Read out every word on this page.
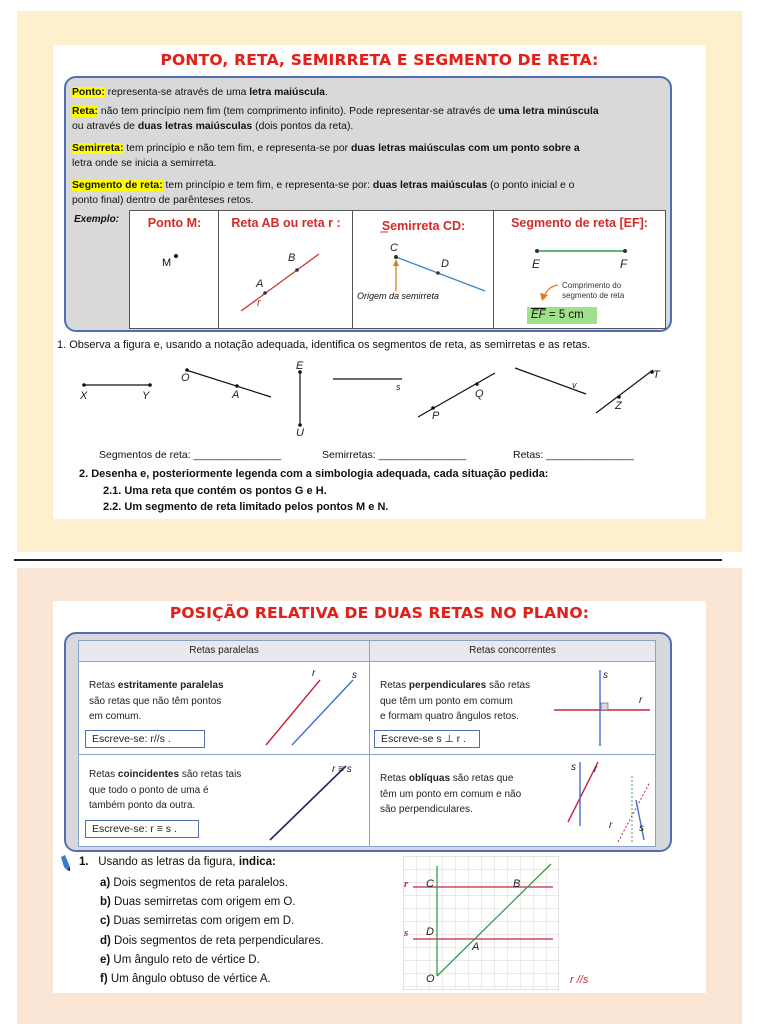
PONTO, RETA, SEMIRRETA E SEGMENTO DE RETA:
Ponto: representa-se através de uma letra maiúscula.
Reta: não tem princípio nem fim (tem comprimento infinito). Pode representar-se através de uma letra minúscula
ou através de duas letras maiúsculas (dois pontos da reta).
Semirreta: tem princípio e não tem fim, e representa-se por duas letras maiúsculas com um ponto sobre a
letra onde se inicia a semirreta.
Segmento de reta: tem princípio e tem fim, e representa-se por: duas letras maiúsculas (o ponto inicial e o
ponto final) dentro de parênteses retos.
Exemplo:	Ponto M:
M
Reta AB ou reta r :
B
A
r
Semirreta CD:
C
D
Origem da semirreta
Segmento de reta [EF]:
E	F
Comprimento do
segmento de reta
$\overline{EF} = 5$ cm
1. Observa a figura e, usando a notação adequada, identifica os segmentos de reta, as semirretas e as retas.
X	Y
O
A
E
U
s
P
Q
v
T
Z
Segmentos de reta: _______________	Semirretas: _______________	Retas: _______________
2. Desenha e, posteriormente legenda com a simbologia adequada, cada situação pedida:
2.1. Uma reta que contém os pontos G e H.
2.2. Um segmento de reta limitado pelos pontos M e N.
POSIÇÃO RELATIVA DE DUAS RETAS NO PLANO:
Retas paralelas	Retas concorrentes
Retas estritamente paralelas
são retas que não têm pontos
em comum.
Escreve-se: r//s .
r	s
Retas perpendiculares são retas
que têm um ponto em comum
e formam quatro ângulos retos.
Escreve-se s ⊥ r .
s
r
Retas coincidentes são retas tais
que todo o ponto de uma é
também ponto da outra.
Escreve-se: r ≡ s .
r ≡ s
Retas oblíquas são retas que
têm um ponto em comum e não
são perpendiculares.
s r
r	s
1. Usando as letras da figura, indica:
a) Dois segmentos de reta paralelos.
b) Duas semirretas com origem em O.
c) Duas semirretas com origem em D.
d) Dois segmentos de reta perpendiculares.
e) Um ângulo reto de vértice D.
f) Um ângulo obtuso de vértice A.
r
s
C	B
D
A
O	r //s
